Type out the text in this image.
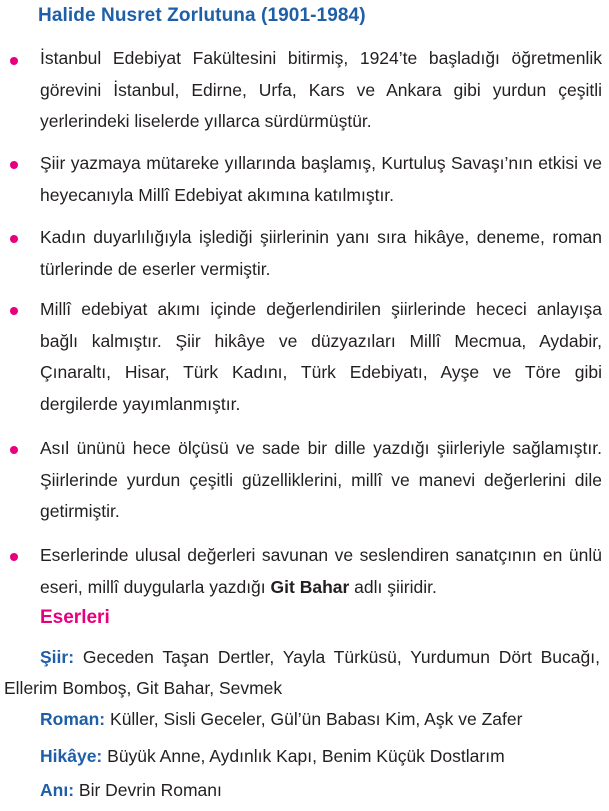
Halide Nusret Zorlutuna (1901-1984)
İstanbul Edebiyat Fakültesini bitirmiş, 1924’te başladığı öğretmenlik görevini İstanbul, Edirne, Urfa, Kars ve Ankara gibi yurdun çeşitli yerlerindeki liselerde yıllarca sürdürmüştür.
Şiir yazmaya mütareke yıllarında başlamış, Kurtuluş Savaşı’nın etkisi ve heyecanıyla Millî Edebiyat akımına katılmıştır.
Kadın duyarlılığıyla işlediği şiirlerinin yanı sıra hikâye, deneme, roman türlerinde de eserler vermiştir.
Millî edebiyat akımı içinde değerlendirilen şiirlerinde hececi anlayışa bağlı kalmıştır. Şiir hikâye ve düzyazıları Millî Mecmua, Aydabir, Çınaraltı, Hisar, Türk Kadını, Türk Edebiyatı, Ayşe ve Töre gibi dergilerde yayımlanmıştır.
Asıl ününü hece ölçüsü ve sade bir dille yazdığı şiirleriyle sağlamıştır. Şiirlerinde yurdun çeşitli güzelliklerini, millî ve manevi değerlerini dile getirmiştir.
Eserlerinde ulusal değerleri savunan ve seslendiren sanatçının en ünlü eseri, millî duygularla yazdığı Git Bahar adlı şiiridir.
Eserleri
Şiir: Geceden Taşan Dertler, Yayla Türküsü, Yurdumun Dört Bucağı, Ellerim Bomboş, Git Bahar, Sevmek
Roman: Küller, Sisli Geceler, Gül’ün Babası Kim, Aşk ve Zafer
Hikâye: Büyük Anne, Aydınlık Kapı, Benim Küçük Dostlarım
Anı: Bir Devrin Romanı
